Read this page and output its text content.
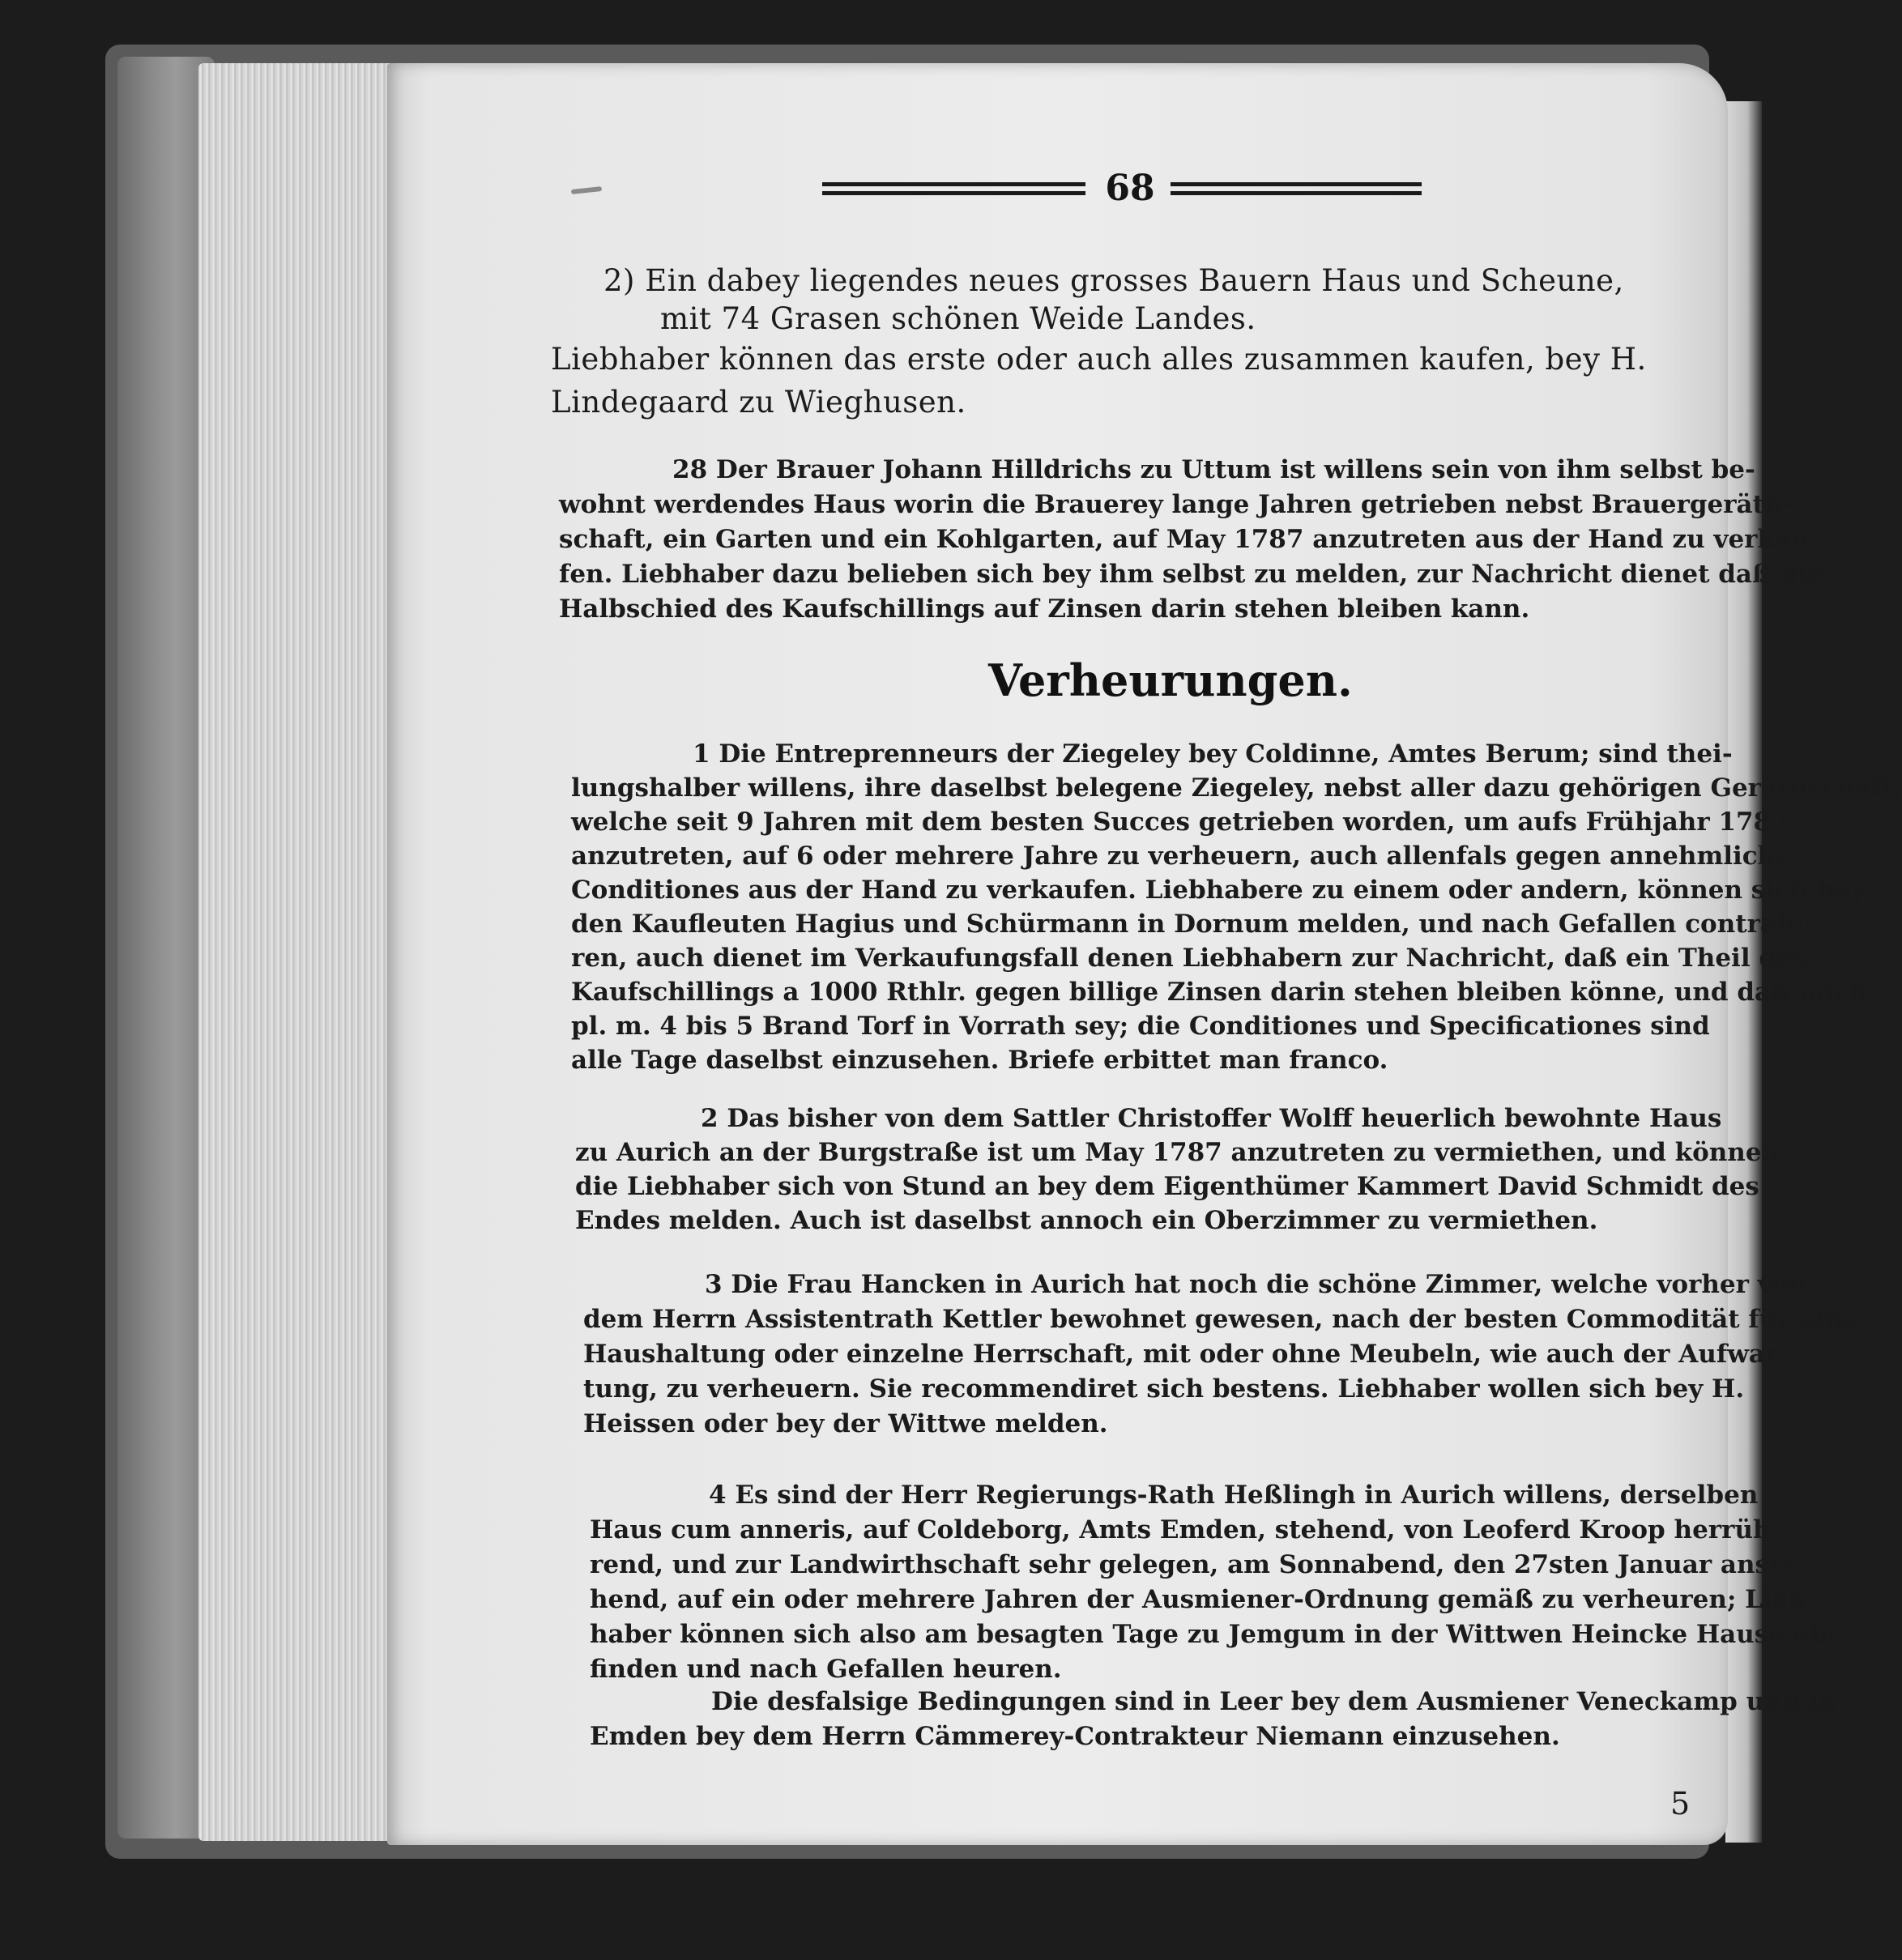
68

2) Ein dabey liegendes neues grosses Bauern Haus und Scheune,

mit 74 Grasen schönen Weide Landes.

Liebhaber können das erste oder auch alles zusammen kaufen, bey H.

Lindegaard zu Wieghusen.

28 Der Brauer Johann Hilldrichs zu Uttum ist willens sein von ihm selbst be-

wohnt werdendes Haus worin die Brauerey lange Jahren getrieben nebst Brauergeräth-

schaft, ein Garten und ein Kohlgarten, auf May 1787 anzutreten aus der Hand zu verkau-

fen. Liebhaber dazu belieben sich bey ihm selbst zu melden, zur Nachricht dienet daß die

Halbschied des Kaufschillings auf Zinsen darin stehen bleiben kann.

Verheurungen.

1 Die Entreprenneurs der Ziegeley bey Coldinne, Amtes Berum; sind thei-

lungshalber willens, ihre daselbst belegene Ziegeley, nebst aller dazu gehörigen Geräthschaft,

welche seit 9 Jahren mit dem besten Succes getrieben worden, um aufs Frühjahr 1787

anzutreten, auf 6 oder mehrere Jahre zu verheuern, auch allenfals gegen annehmliche

Conditiones aus der Hand zu verkaufen. Liebhabere zu einem oder andern, können sich bey

den Kaufleuten Hagius und Schürmann in Dornum melden, und nach Gefallen contrahi-

ren, auch dienet im Verkaufungsfall denen Liebhabern zur Nachricht, daß ein Theil des

Kaufschillings a 1000 Rthlr. gegen billige Zinsen darin stehen bleiben könne, und daß noch

pl. m. 4 bis 5 Brand Torf in Vorrath sey; die Conditiones und Specificationes sind

alle Tage daselbst einzusehen. Briefe erbittet man franco.

2 Das bisher von dem Sattler Christoffer Wolff heuerlich bewohnte Haus

zu Aurich an der Burgstraße ist um May 1787 anzutreten zu vermiethen, und können

die Liebhaber sich von Stund an bey dem Eigenthümer Kammert David Schmidt des

Endes melden. Auch ist daselbst annoch ein Oberzimmer zu vermiethen.

3 Die Frau Hancken in Aurich hat noch die schöne Zimmer, welche vorher von

dem Herrn Assistentrath Kettler bewohnet gewesen, nach der besten Commodität für eine

Haushaltung oder einzelne Herrschaft, mit oder ohne Meubeln, wie auch der Aufwar-

tung, zu verheuern. Sie recommendiret sich bestens. Liebhaber wollen sich bey H.

Heissen oder bey der Wittwe melden.

4 Es sind der Herr Regierungs-Rath Heßlingh in Aurich willens, derselben

Haus cum anneris, auf Coldeborg, Amts Emden, stehend, von Leoferd Kroop herrüh-

rend, und zur Landwirthschaft sehr gelegen, am Sonnabend, den 27sten Januar anste-

hend, auf ein oder mehrere Jahren der Ausmiener-Ordnung gemäß zu verheuren; Lieb-

haber können sich also am besagten Tage zu Jemgum in der Wittwen Heincke Hause ein-

finden und nach Gefallen heuren.

Die desfalsige Bedingungen sind in Leer bey dem Ausmiener Veneckamp und in

Emden bey dem Herrn Cämmerey-Contrakteur Niemann einzusehen.

5
